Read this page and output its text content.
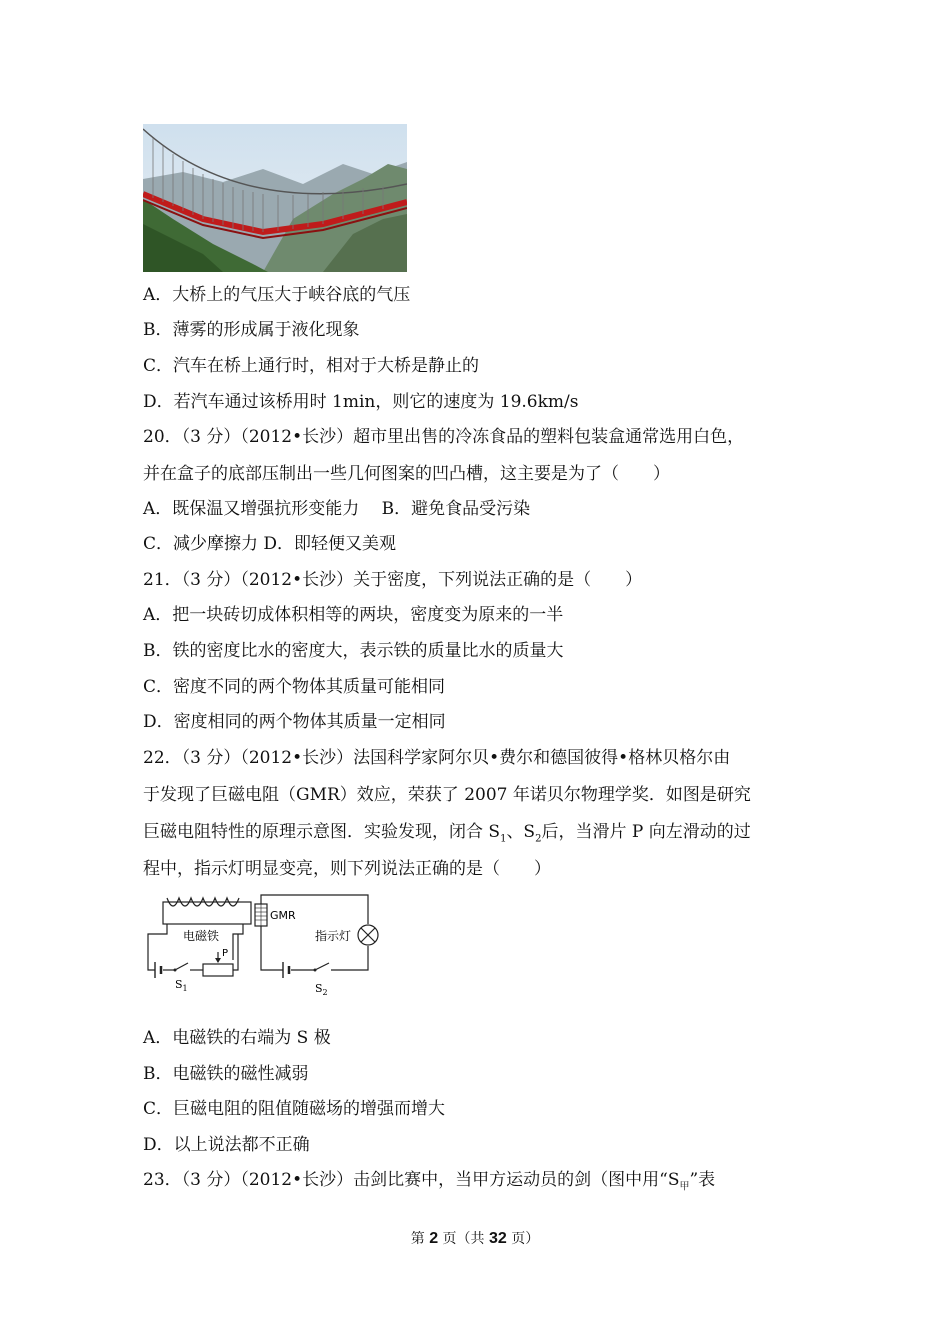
A．大桥上的气压大于峡谷底的气压
B．薄雾的形成属于液化现象
C．汽车在桥上通行时，相对于大桥是静止的
D．若汽车通过该桥用时 1min，则它的速度为 19.6km/s
20．（3 分）（2012•长沙）超市里出售的冷冻食品的塑料包装盒通常选用白色，
并在盒子的底部压制出一些几何图案的凹凸槽，这主要是为了（　　）
A．既保温又增强抗形变能力　 B．避免食品受污染
C．减少摩擦力 D．即轻便又美观
21．（3 分）（2012•长沙）关于密度，下列说法正确的是（　　）
A．把一块砖切成体积相等的两块，密度变为原来的一半
B．铁的密度比水的密度大，表示铁的质量比水的质量大
C．密度不同的两个物体其质量可能相同
D．密度相同的两个物体其质量一定相同
22．（3 分）（2012•长沙）法国科学家阿尔贝•费尔和德国彼得•格林贝格尔由
于发现了巨磁电阻（GMR）效应，荣获了 2007 年诺贝尔物理学奖．如图是研究
巨磁电阻特性的原理示意图．实验发现，闭合 $S_1$、$S_2$后，当滑片 P 向左滑动的过
程中，指示灯明显变亮，则下列说法正确的是（　　）
电磁铁
GMR
指示灯
P
$S_1$	$S_2$
A．电磁铁的右端为 S 极
B．电磁铁的磁性减弱
C．巨磁电阻的阻值随磁场的增强而增大
D．以上说法都不正确
23．（3 分）（2012•长沙）击剑比赛中，当甲方运动员的剑（图中用“$S_甲$”表
第 2 页（共 32 页）
